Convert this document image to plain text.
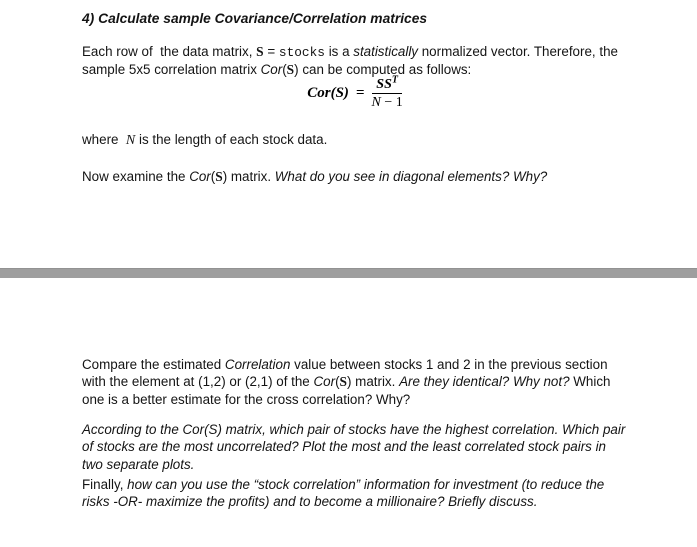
4) Calculate sample Covariance/Correlation matrices
Each row of  the data matrix, S = stocks is a statistically normalized vector. Therefore, the sample 5x5 correlation matrix Cor(S) can be computed as follows:
$Cor(S) = \frac{SS^T}{N - 1}$
where  N is the length of each stock data.
Now examine the Cor(S) matrix. What do you see in diagonal elements? Why?
Compare the estimated Correlation value between stocks 1 and 2 in the previous section with the element at (1,2) or (2,1) of the Cor(S) matrix. Are they identical? Why not? Which one is a better estimate for the cross correlation? Why?
According to the Cor(S) matrix, which pair of stocks have the highest correlation. Which pair of stocks are the most uncorrelated? Plot the most and the least correlated stock pairs in two separate plots.
Finally, how can you use the “stock correlation” information for investment (to reduce the risks -OR- maximize the profits) and to become a millionaire? Briefly discuss.
